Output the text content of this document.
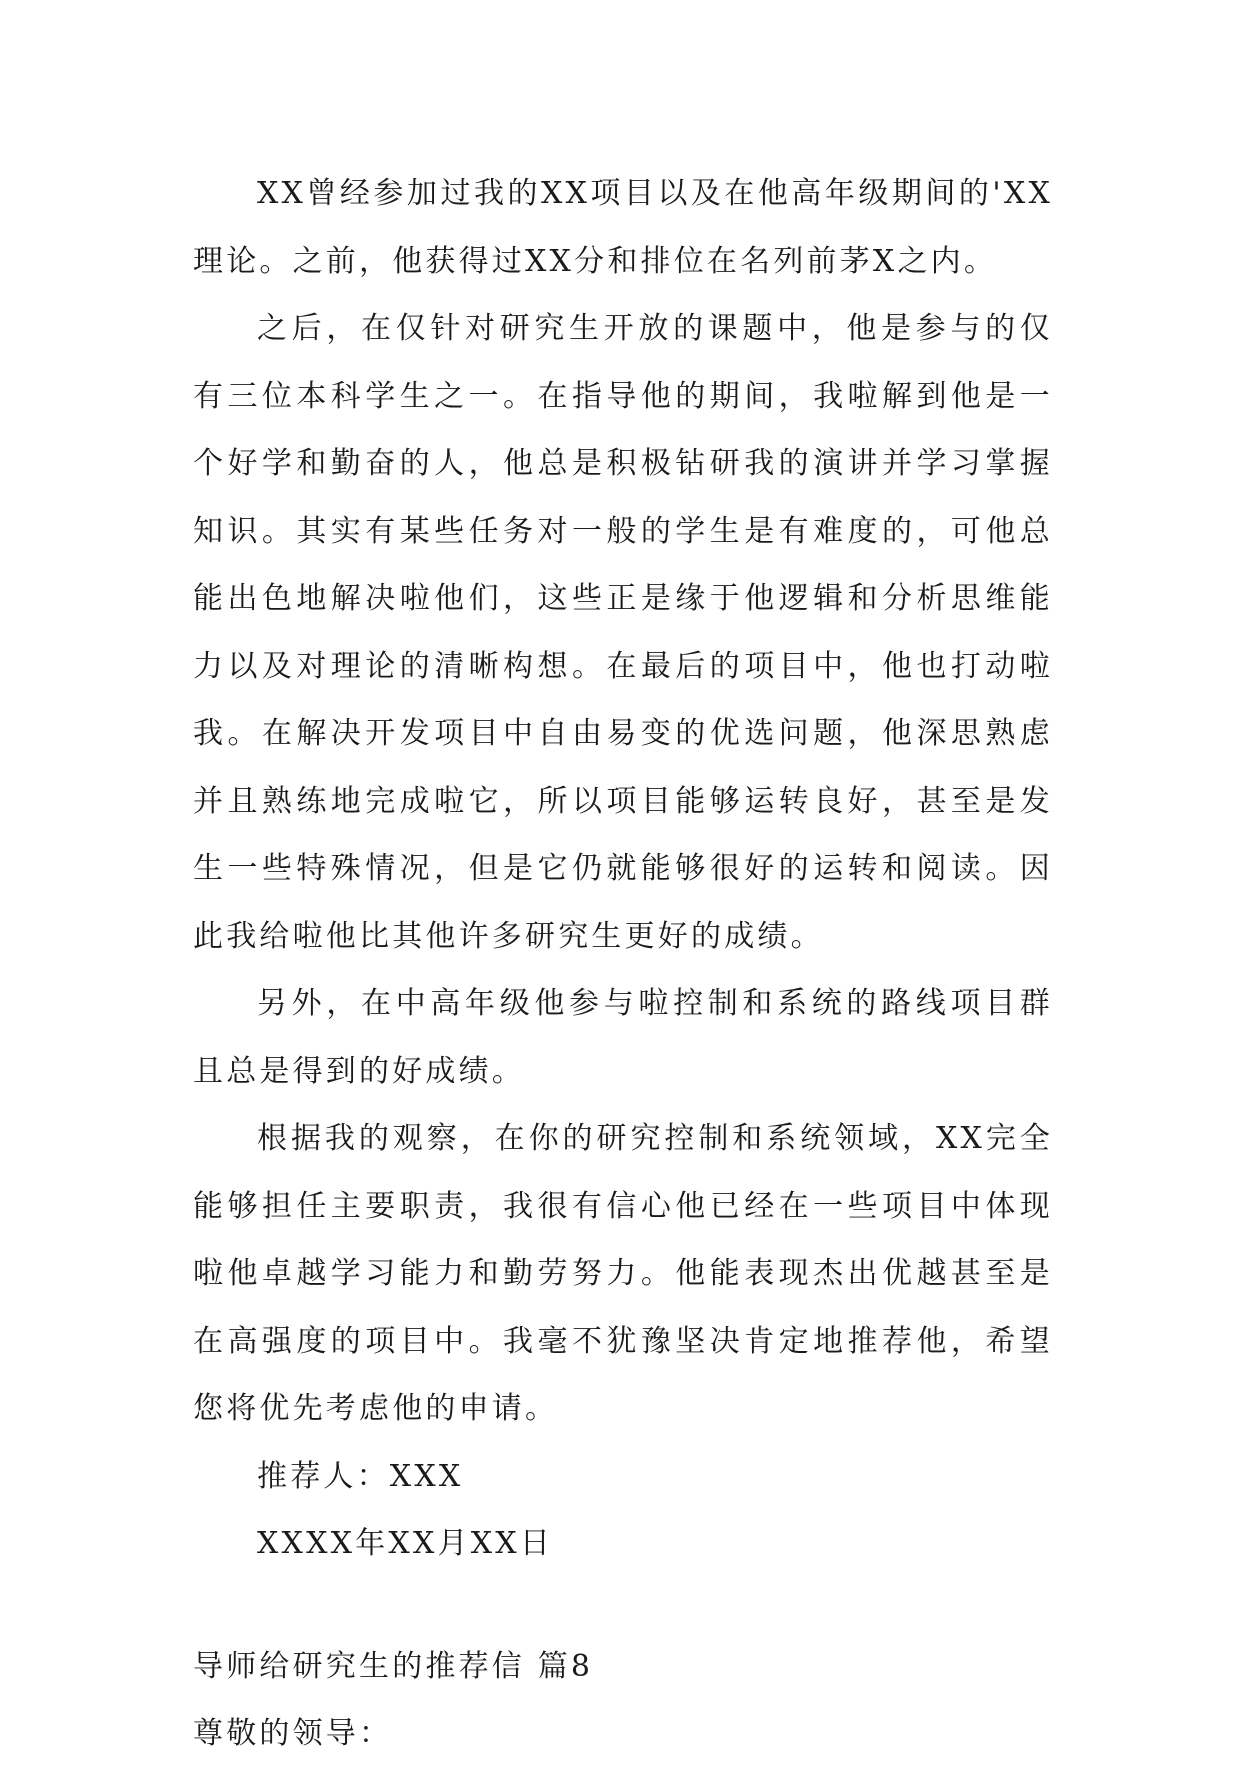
XX曾经参加过我的XX项目以及在他高年级期间的'XX理论。之前，他获得过XX分和排位在名列前茅X之内。

之后，在仅针对研究生开放的课题中，他是参与的仅有三位本科学生之一。在指导他的期间，我啦解到他是一个好学和勤奋的人，他总是积极钻研我的演讲并学习掌握知识。其实有某些任务对一般的学生是有难度的，可他总能出色地解决啦他们，这些正是缘于他逻辑和分析思维能力以及对理论的清晰构想。在最后的项目中，他也打动啦我。在解决开发项目中自由易变的优选问题，他深思熟虑并且熟练地完成啦它，所以项目能够运转良好，甚至是发生一些特殊情况，但是它仍就能够很好的运转和阅读。因此我给啦他比其他许多研究生更好的成绩。

另外，在中高年级他参与啦控制和系统的路线项目群且总是得到的好成绩。

根据我的观察，在你的研究控制和系统领域，XX完全能够担任主要职责，我很有信心他已经在一些项目中体现啦他卓越学习能力和勤劳努力。他能表现杰出优越甚至是在高强度的项目中。我毫不犹豫坚决肯定地推荐他，希望您将优先考虑他的申请。

推荐人：XXX

XXXX年XX月XX日

导师给研究生的推荐信 篇8

尊敬的领导：
